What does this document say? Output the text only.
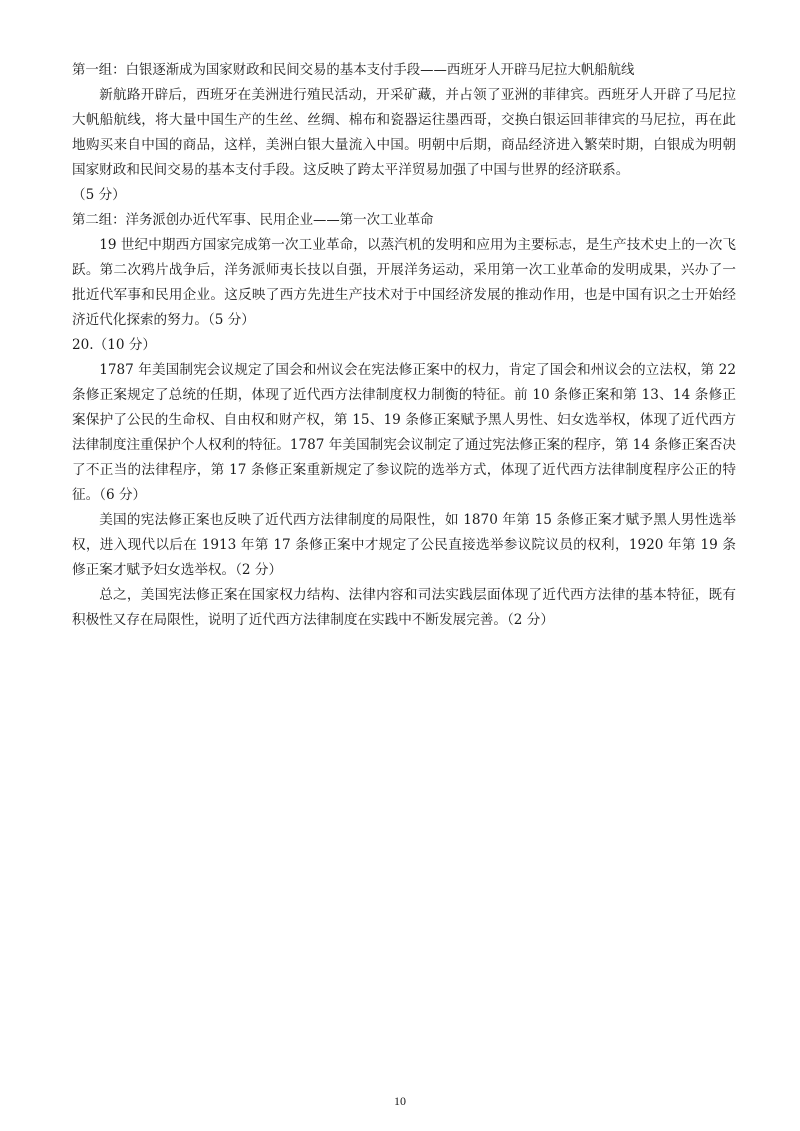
第一组：白银逐渐成为国家财政和民间交易的基本支付手段——西班牙人开辟马尼拉大帆船航线

新航路开辟后，西班牙在美洲进行殖民活动，开采矿藏，并占领了亚洲的菲律宾。西班牙人开辟了马尼拉大帆船航线，将大量中国生产的生丝、丝绸、棉布和瓷器运往墨西哥，交换白银运回菲律宾的马尼拉，再在此地购买来自中国的商品，这样，美洲白银大量流入中国。明朝中后期，商品经济进入繁荣时期，白银成为明朝国家财政和民间交易的基本支付手段。这反映了跨太平洋贸易加强了中国与世界的经济联系。

（5 分）

第二组：洋务派创办近代军事、民用企业——第一次工业革命

19 世纪中期西方国家完成第一次工业革命，以蒸汽机的发明和应用为主要标志，是生产技术史上的一次飞跃。第二次鸦片战争后，洋务派师夷长技以自强，开展洋务运动，采用第一次工业革命的发明成果，兴办了一批近代军事和民用企业。这反映了西方先进生产技术对于中国经济发展的推动作用，也是中国有识之士开始经济近代化探索的努力。（5 分）

20.（10 分）

1787 年美国制宪会议规定了国会和州议会在宪法修正案中的权力，肯定了国会和州议会的立法权，第 22 条修正案规定了总统的任期，体现了近代西方法律制度权力制衡的特征。前 10 条修正案和第 13、14 条修正案保护了公民的生命权、自由权和财产权，第 15、19 条修正案赋予黑人男性、妇女选举权，体现了近代西方法律制度注重保护个人权利的特征。1787 年美国制宪会议制定了通过宪法修正案的程序，第 14 条修正案否决了不正当的法律程序，第 17 条修正案重新规定了参议院的选举方式，体现了近代西方法律制度程序公正的特征。（6 分）

美国的宪法修正案也反映了近代西方法律制度的局限性，如 1870 年第 15 条修正案才赋予黑人男性选举权，进入现代以后在 1913 年第 17 条修正案中才规定了公民直接选举参议院议员的权利，1920 年第 19 条修正案才赋予妇女选举权。（2 分）

总之，美国宪法修正案在国家权力结构、法律内容和司法实践层面体现了近代西方法律的基本特征，既有积极性又存在局限性，说明了近代西方法律制度在实践中不断发展完善。（2 分）

10
